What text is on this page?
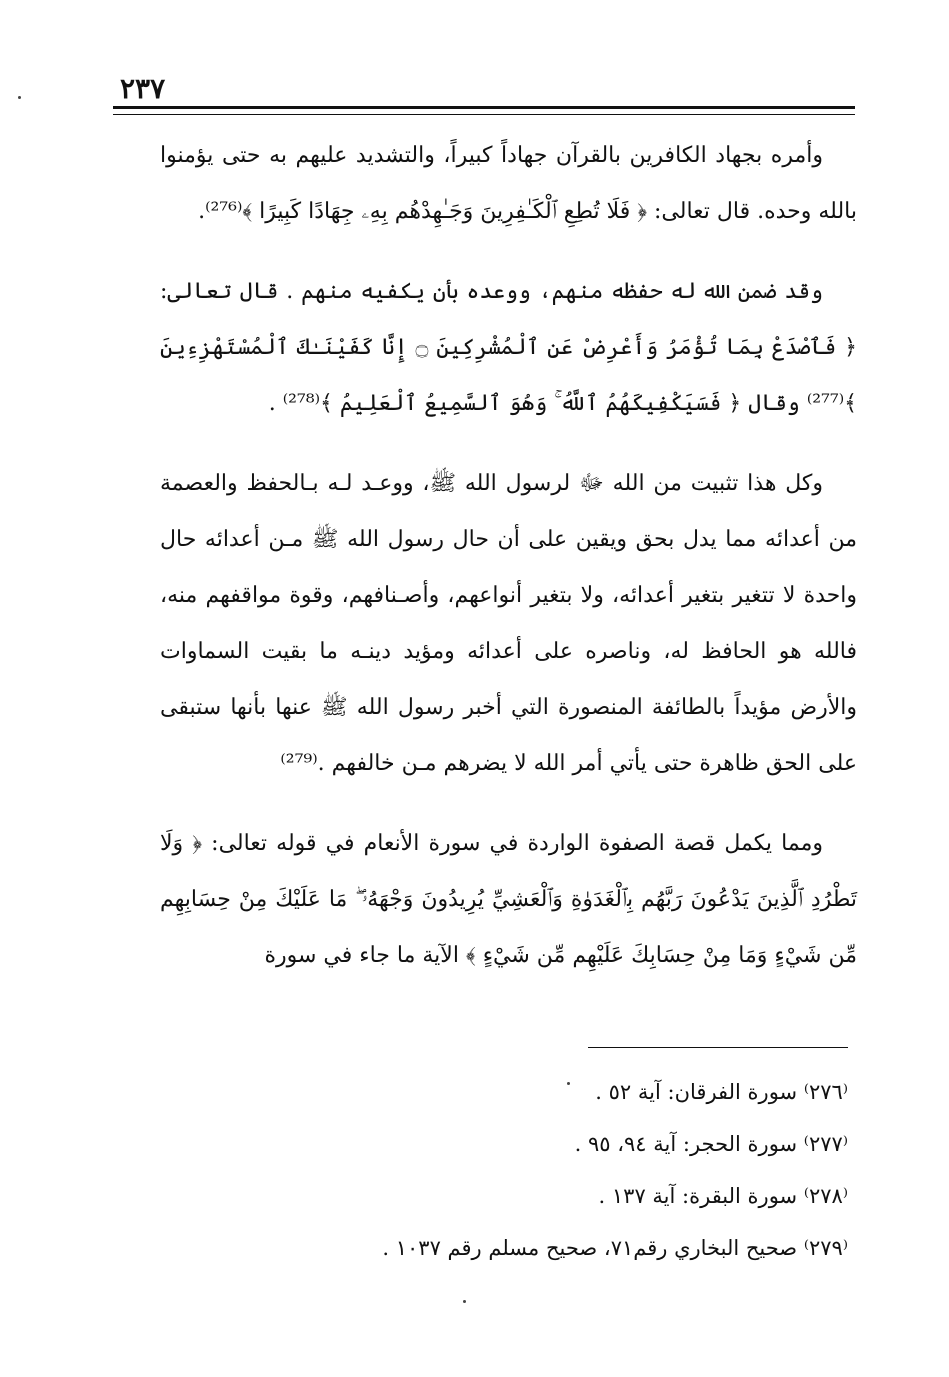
٢٣٧

وأمره بجهاد الكافرين بالقرآن جهاداً كبيراً، والتشديد عليهم به حتى يؤمنوا بالله وحده. قال تعالى: ﴿ فَلَا تُطِعِ ٱلْكَـٰفِرِينَ وَجَـٰهِدْهُم بِهِۦ جِهَادًا كَبِيرًا ﴾⁽²⁷⁶⁾.

وقد ضمن الله له حفظه منهم، ووعده بأن يكفيه منهم . قال تعالى: ﴿ فَٱصْدَعْ بِمَا تُؤْمَرُ وَأَعْرِضْ عَنِ ٱلْمُشْرِكِينَ ۝ إِنَّا كَفَيْنَـٰكَ ٱلْمُسْتَهْزِءِينَ ﴾⁽²⁷⁷⁾ وقال ﴿ فَسَيَكْفِيكَهُمُ ٱللَّهُ ۚ وَهُوَ ٱلسَّمِيعُ ٱلْعَلِيمُ ﴾⁽²⁷⁸⁾ .

وكل هذا تثبيت من الله ﷻ لرسول الله ﷺ، ووعـد لـه بـالحفظ والعصمة من أعدائه مما يدل بحق ويقين على أن حال رسول الله ﷺ مـن أعدائه حال واحدة لا تتغير بتغير أعدائه، ولا بتغير أنواعهم، وأصـنافهم، وقوة مواقفهم منه، فالله هو الحافظ له، وناصره على أعدائه ومؤيد دينـه ما بقيت السماوات والأرض مؤيداً بالطائفة المنصورة التي أخبر رسول الله ﷺ عنها بأنها ستبقى على الحق ظاهرة حتى يأتي أمر الله لا يضرهم مـن خالفهم .⁽²⁷⁹⁾

ومما يكمل قصة الصفوة الواردة في سورة الأنعام في قوله تعالى: ﴿ وَلَا تَطْرُدِ ٱلَّذِينَ يَدْعُونَ رَبَّهُم بِٱلْغَدَوٰةِ وَٱلْعَشِيِّ يُرِيدُونَ وَجْهَهُۥ ۖ مَا عَلَيْكَ مِنْ حِسَابِهِم مِّن شَيْءٍ وَمَا مِنْ حِسَابِكَ عَلَيْهِم مِّن شَيْءٍ ﴾ الآية ما جاء في سورة

⁽٢٧٦⁾ سورة الفرقان: آية ٥٢ .
⁽٢٧٧⁾ سورة الحجر: آية ٩٤، ٩٥ .
⁽٢٧٨⁾ سورة البقرة: آية ١٣٧ .
⁽٢٧٩⁾ صحيح البخاري رقم٧١، صحيح مسلم رقم ١٠٣٧ .
